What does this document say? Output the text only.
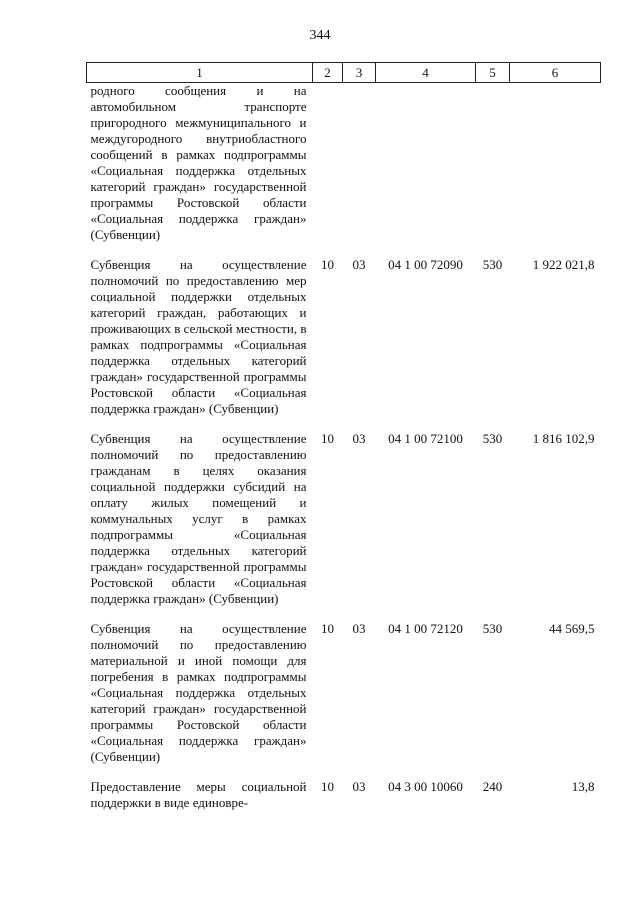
344
1	2	3	4	5	6
родного сообщения и на автомобильном транспорте пригородного межмуниципального и междугородного внутриобластного сообщений в рамках подпрограммы «Социальная поддержка отдельных категорий граждан» государственной программы Ростовской области «Социальная поддержка граждан» (Субвенции)					

Субвенция на осуществление полномочий по предоставлению мер социальной поддержки отдельных категорий граждан, работающих и проживающих в сельской местности, в рамках подпрограммы «Социальная поддержка отдельных категорий граждан» государственной программы Ростовской области «Социальная поддержка граждан» (Субвенции)	10	03	04 1 00 72090	530	1 922 021,8

Субвенция на осуществление полномочий по предоставлению гражданам в целях оказания социальной поддержки субсидий на оплату жилых помещений и коммунальных услуг в рамках подпрограммы «Социальная поддержка отдельных категорий граждан» государственной программы Ростовской области «Социальная поддержка граждан» (Субвенции)	10	03	04 1 00 72100	530	1 816 102,9

Субвенция на осуществление полномочий по предоставлению материальной и иной помощи для погребения в рамках подпрограммы «Социальная поддержка отдельных категорий граждан» государственной программы Ростовской области «Социальная поддержка граждан» (Субвенции)	10	03	04 1 00 72120	530	44 569,5

Предоставление меры социальной поддержки в виде единовре-	10	03	04 3 00 10060	240	13,8
